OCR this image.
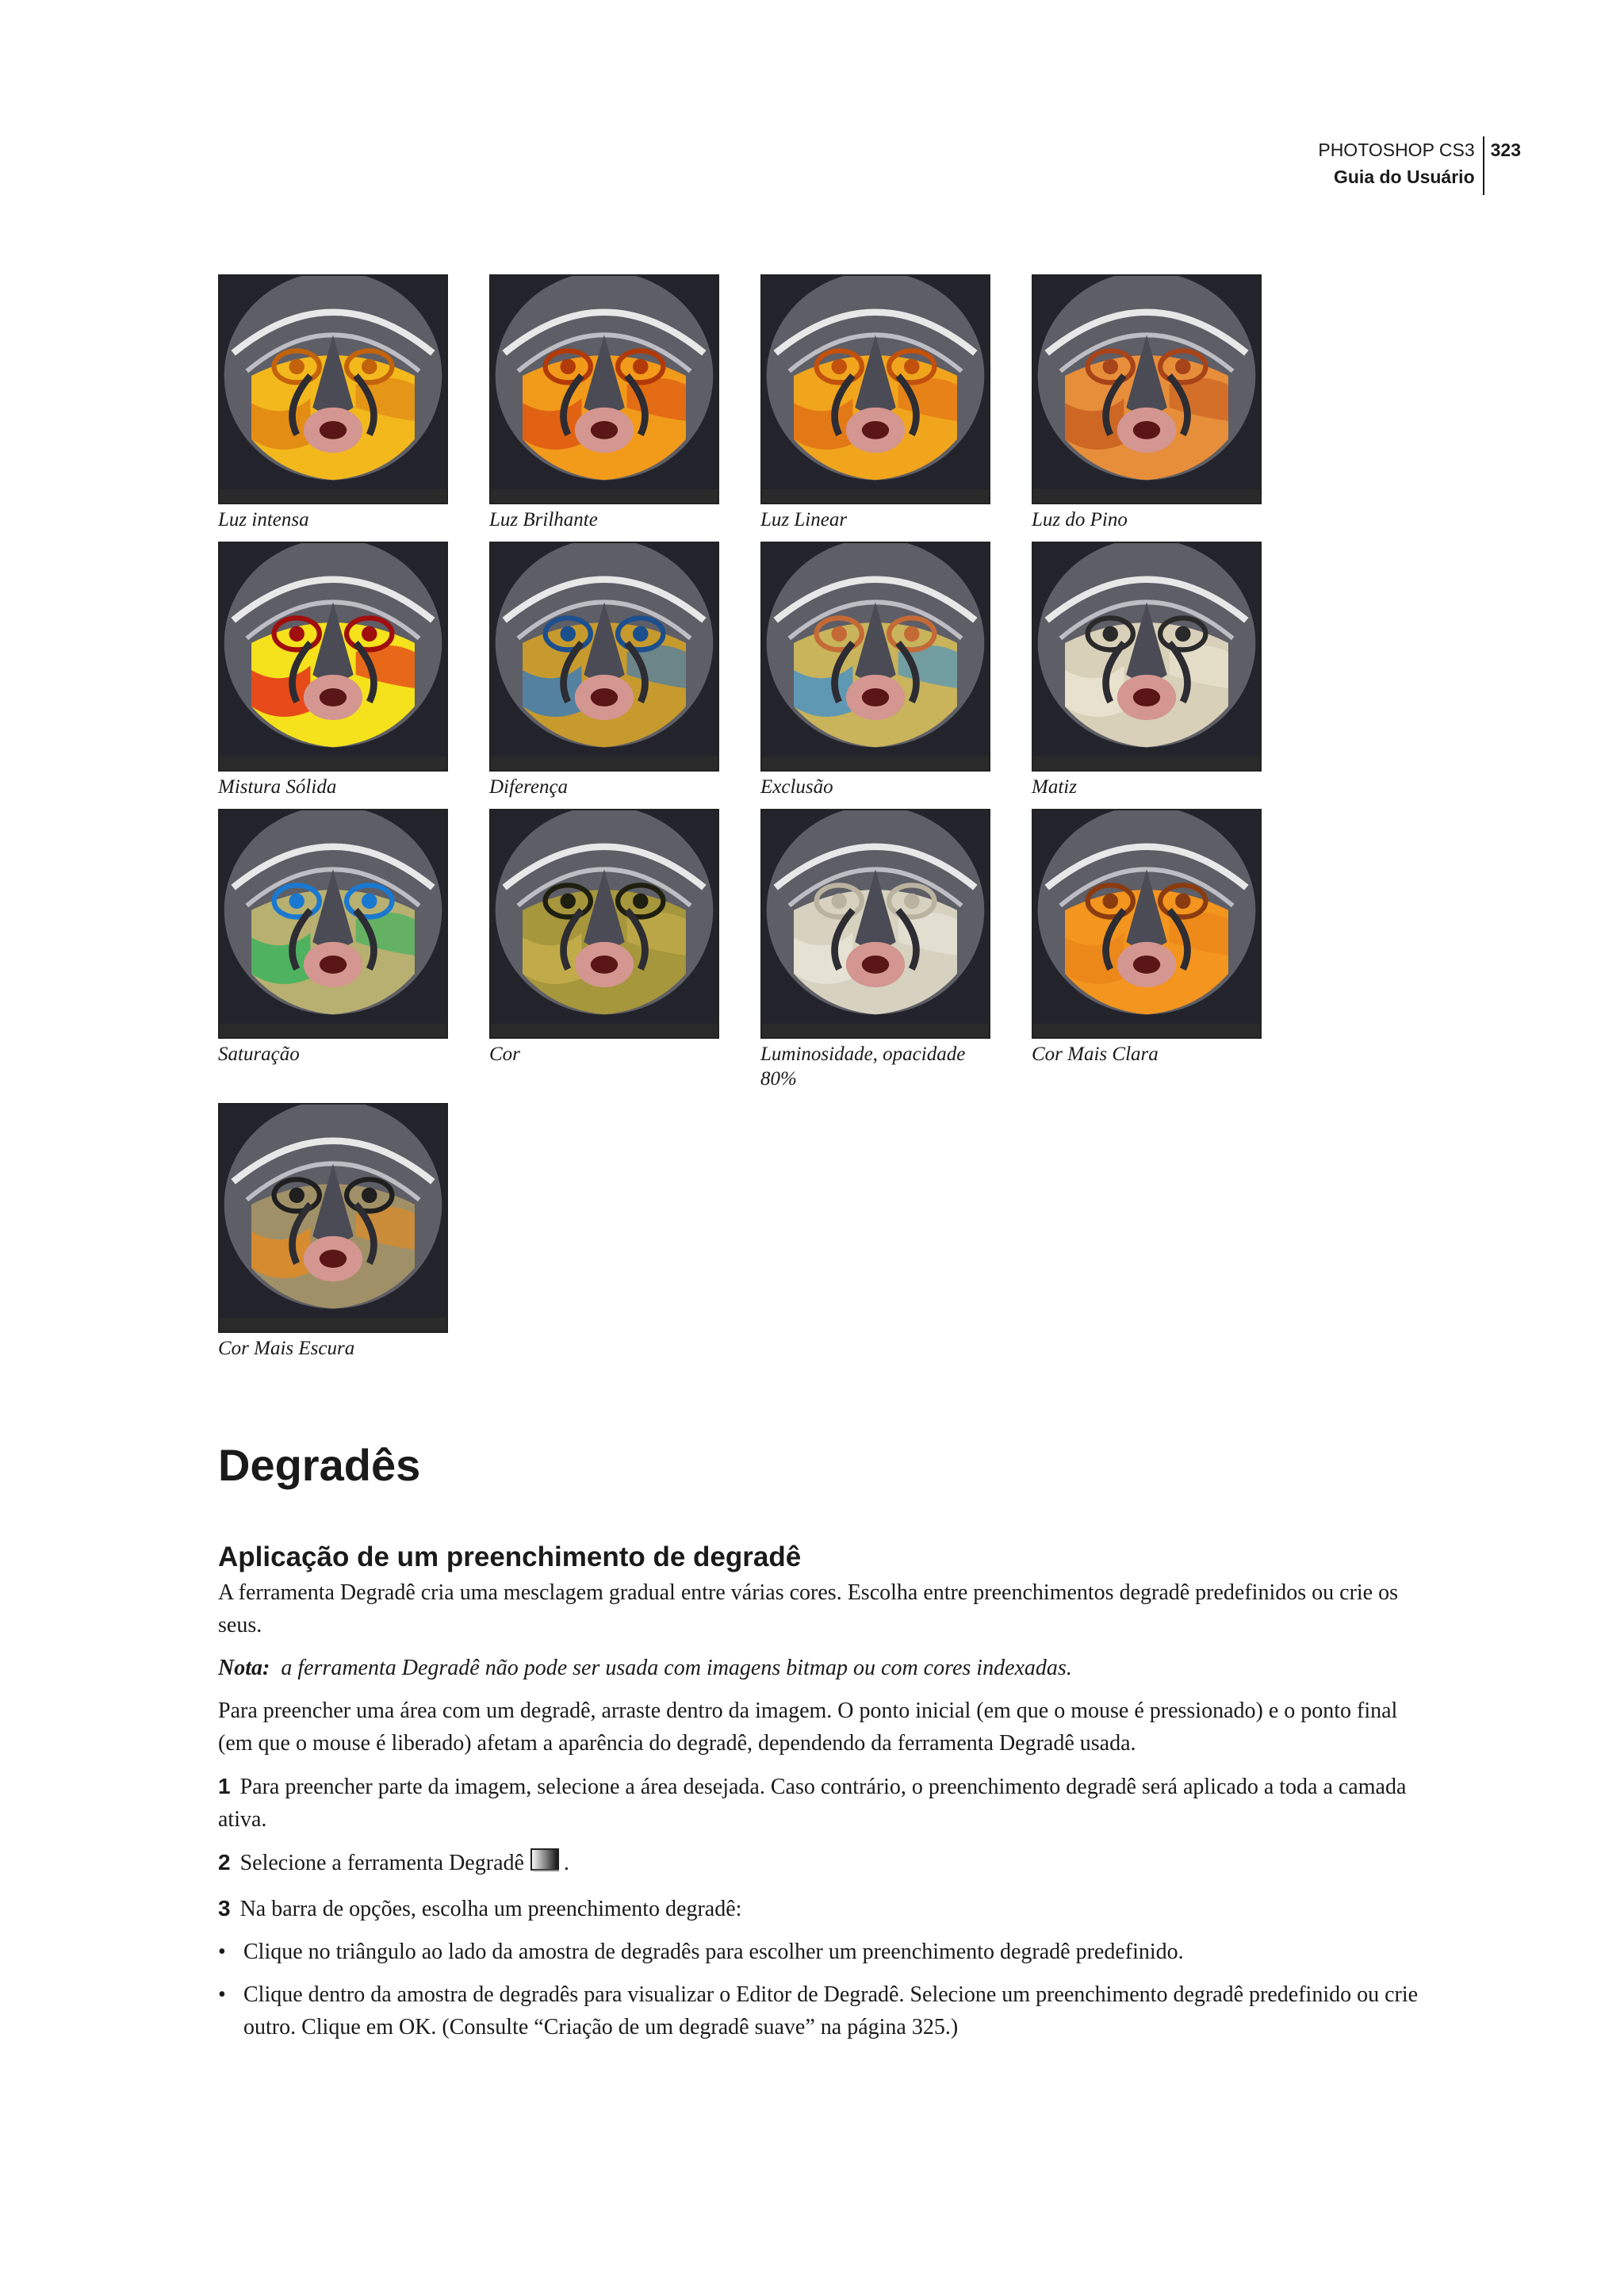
PHOTOSHOP CS3
Guia do Usuário
323
Luz intensa	Luz Brilhante	Luz Linear	Luz do Pino
Mistura Sólida	Diferença	Exclusão	Matiz
Saturação	Cor	Luminosidade, opacidade 80%
Cor Mais Clara
Cor Mais Escura
Degradês
Aplicação de um preenchimento de degradê

A ferramenta Degradê cria uma mesclagem gradual entre várias cores. Escolha entre preenchimentos degradê predefinidos ou crie os seus.

Nota: a ferramenta Degradê não pode ser usada com imagens bitmap ou com cores indexadas.

Para preencher uma área com um degradê, arraste dentro da imagem. O ponto inicial (em que o mouse é pressionado) e o ponto final (em que o mouse é liberado) afetam a aparência do degradê, dependendo da ferramenta Degradê usada.

1 Para preencher parte da imagem, selecione a área desejada. Caso contrário, o preenchimento degradê será aplicado a toda a camada ativa.

2 Selecione a ferramenta Degradê .

3 Na barra de opções, escolha um preenchimento degradê:

• Clique no triângulo ao lado da amostra de degradês para escolher um preenchimento degradê predefinido.

• Clique dentro da amostra de degradês para visualizar o Editor de Degradê. Selecione um preenchimento degradê predefinido ou crie outro. Clique em OK. (Consulte “Criação de um degradê suave” na página 325.)
